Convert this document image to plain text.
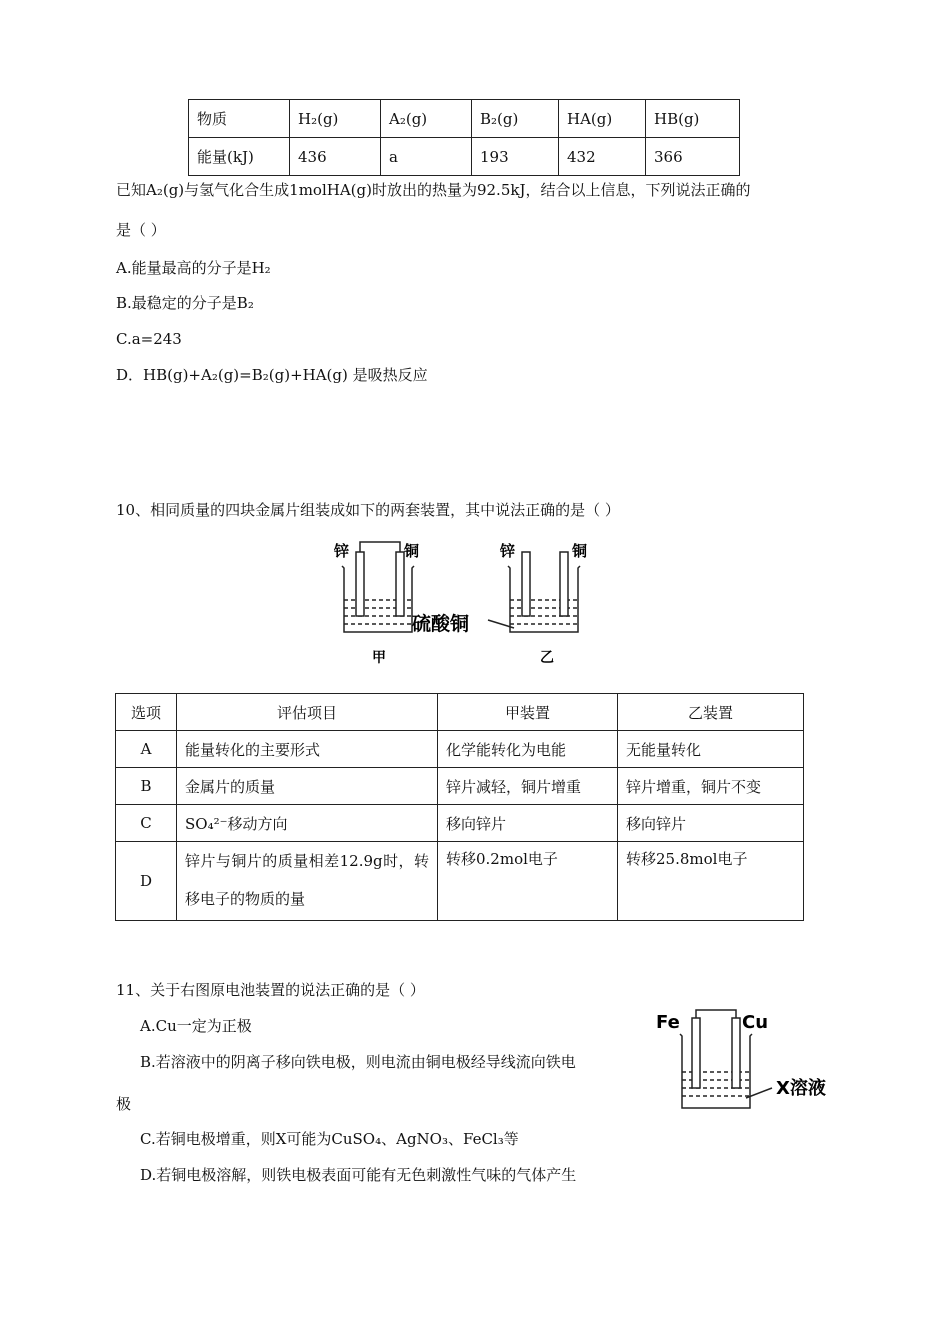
物质	H₂(g)	A₂(g)	B₂(g)	HA(g)	HB(g)
能量(kJ)	436	a	193	432	366
已知A₂(g)与氢气化合生成1molHA(g)时放出的热量为92.5kJ，结合以上信息，下列说法正确的
是（ ）
A.能量最高的分子是H₂
B.最稳定的分子是B₂
C.a=243
D．HB(g)+A₂(g)=B₂(g)+HA(g) 是吸热反应
10、相同质量的四块金属片组装成如下的两套装置，其中说法正确的是（ ）
锌	铜	锌	铜
硫酸铜
甲	乙
选项	评估项目	甲装置	乙装置
A	能量转化的主要形式	化学能转化为电能	无能量转化
B	金属片的质量	锌片减轻，铜片增重	锌片增重，铜片不变
C	SO₄²⁻移动方向	移向锌片	移向锌片
D	锌片与铜片的质量相差12.9g时，转移电子的物质的量	转移0.2mol电子	转移25.8mol电子
11、关于右图原电池装置的说法正确的是（ ）
A.Cu一定为正极
B.若溶液中的阴离子移向铁电极，则电流由铜电极经导线流向铁电
极
C.若铜电极增重，则X可能为CuSO₄、AgNO₃、FeCl₃等
D.若铜电极溶解，则铁电极表面可能有无色刺激性气味的气体产生
Fe	Cu
X溶液
